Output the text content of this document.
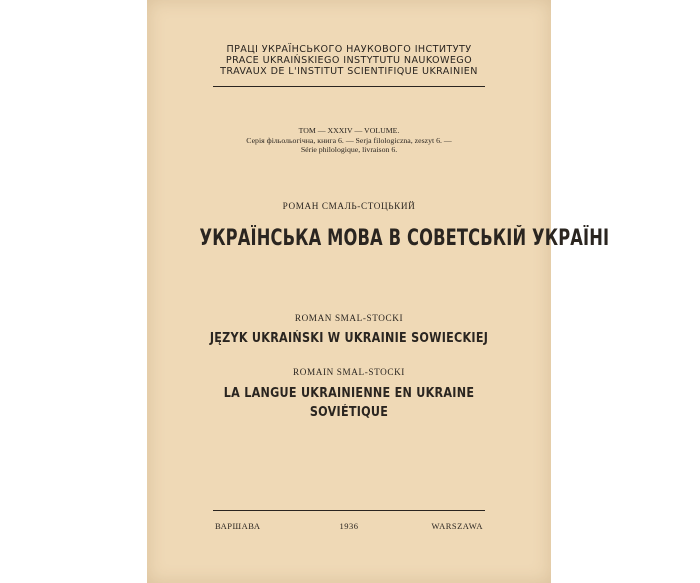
ПРАЦІ УКРАЇНСЬКОГО НАУКОВОГО ІНСТИТУТУ
PRACE UKRAIŃSKIEGO INSTYTUTU NAUKOWEGO
TRAVAUX DE L'INSTITUT SCIENTIFIQUE UKRAINIEN
ТОМ — XXXIV — VOLUME.
Серія фільольогічна, книга 6. — Serja filologiczna, zeszyt 6. —
Série philologique, livraison 6.
РОМАН СМАЛЬ-СТОЦЬКИЙ
УКРАЇНСЬКА МОВА В СОВЕТСЬКІЙ УКРАЇНІ
ROMAN SMAL-STOCKI
JĘZYK UKRAIŃSKI W UKRAINIE SOWIECKIEJ
ROMAIN SMAL-STOCKI
LA LANGUE UKRAINIENNE EN UKRAINE
SOVIÉTIQUE
ВАРШАВА	1936	WARSZAWA
